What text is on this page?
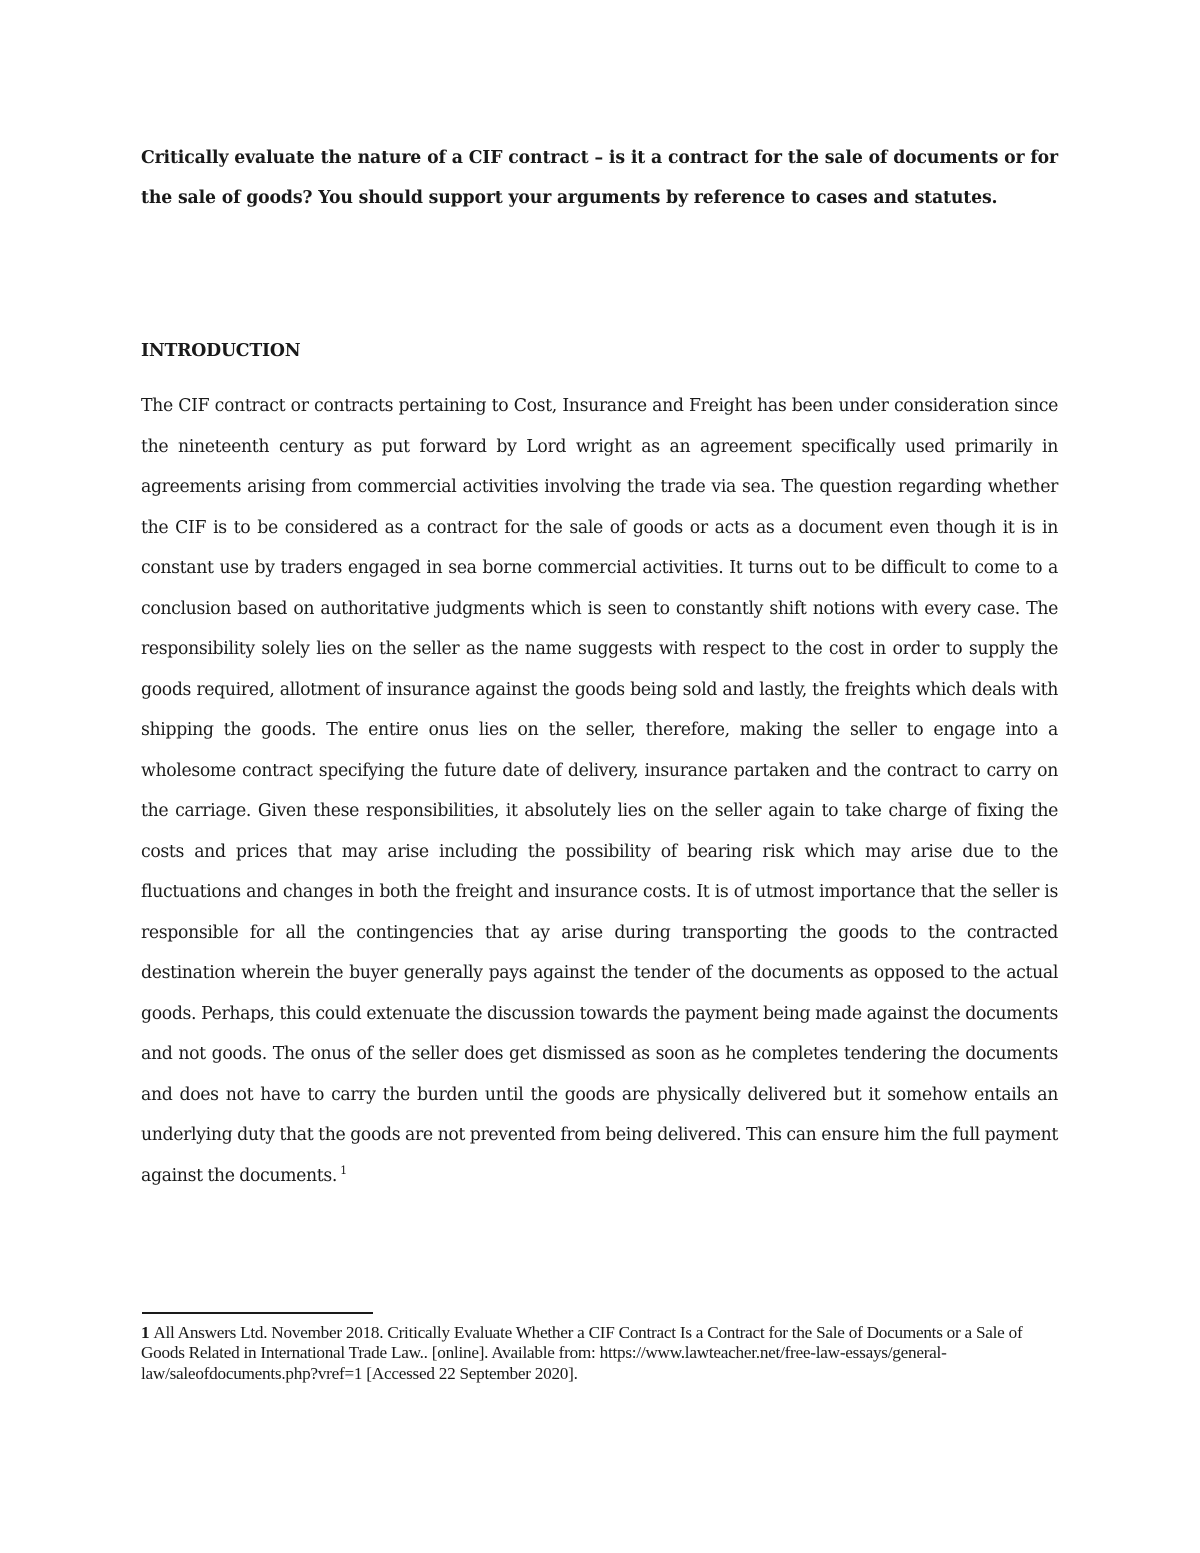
Critically evaluate the nature of a CIF contract – is it a contract for the sale of documents or for the sale of goods? You should support your arguments by reference to cases and statutes.

INTRODUCTION

The CIF contract or contracts pertaining to Cost, Insurance and Freight has been under consideration since the nineteenth century as put forward by Lord wright as an agreement specifically used primarily in agreements arising from commercial activities involving the trade via sea. The question regarding whether the CIF is to be considered as a contract for the sale of goods or acts as a document even though it is in constant use by traders engaged in sea borne commercial activities. It turns out to be difficult to come to a conclusion based on authoritative judgments which is seen to constantly shift notions with every case. The responsibility solely lies on the seller as the name suggests with respect to the cost in order to supply the goods required, allotment of insurance against the goods being sold and lastly, the freights which deals with shipping the goods. The entire onus lies on the seller, therefore, making the seller to engage into a wholesome contract specifying the future date of delivery, insurance partaken and the contract to carry on the carriage. Given these responsibilities, it absolutely lies on the seller again to take charge of fixing the costs and prices that may arise including the possibility of bearing risk which may arise due to the fluctuations and changes in both the freight and insurance costs. It is of utmost importance that the seller is responsible for all the contingencies that ay arise during transporting the goods to the contracted destination wherein the buyer generally pays against the tender of the documents as opposed to the actual goods. Perhaps, this could extenuate the discussion towards the payment being made against the documents and not goods. The onus of the seller does get dismissed as soon as he completes tendering the documents and does not have to carry the burden until the goods are physically delivered but it somehow entails an underlying duty that the goods are not prevented from being delivered. This can ensure him the full payment against the documents. $^1$

1 All Answers Ltd. November 2018. Critically Evaluate Whether a CIF Contract Is a Contract for the Sale of Documents or a Sale of Goods Related in International Trade Law.. [online]. Available from: https://www.lawteacher.net/free-law-essays/general-law/saleofdocuments.php?vref=1 [Accessed 22 September 2020].
